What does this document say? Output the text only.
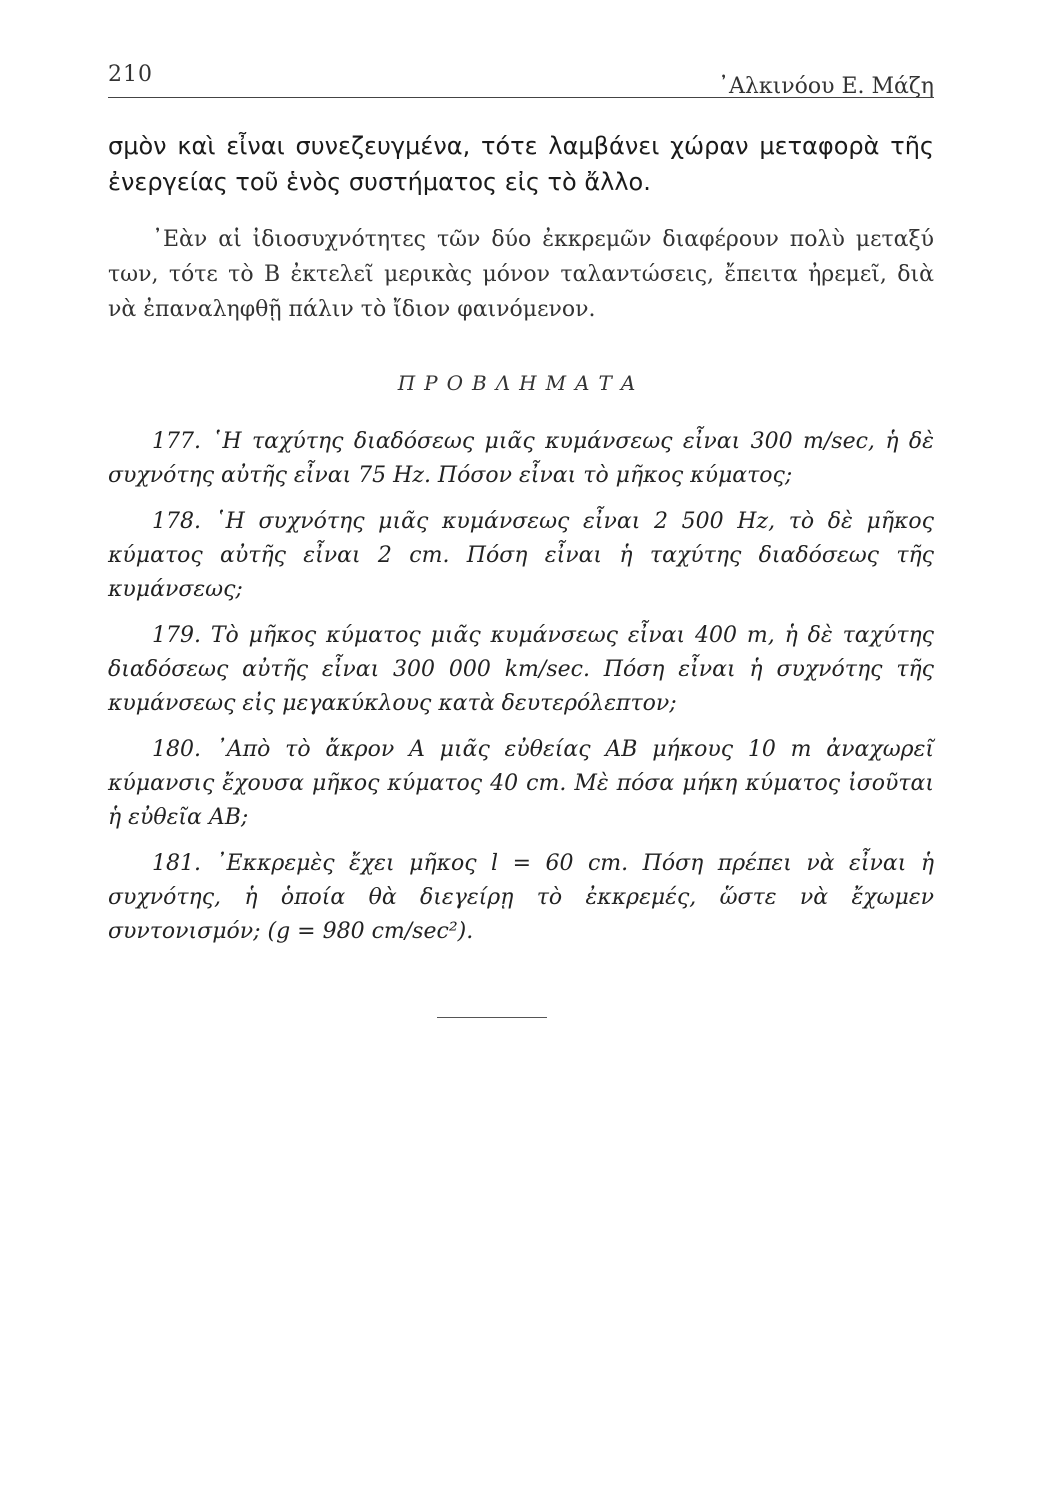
210	᾿Αλκινόου Ε. Μάζη

σμὸν καὶ εἶναι συνεζευγμένα, τότε λαμβάνει χώραν μεταφορὰ τῆς ἐνεργείας τοῦ ἑνὸς συστήματος εἰς τὸ ἄλλο.

᾿Εὰν αἱ ἰδιοσυχνότητες τῶν δύο ἐκκρεμῶν διαφέρουν πολὺ μεταξύ των, τότε τὸ Β ἐκτελεῖ μερικὰς μόνον ταλαντώσεις, ἔπειτα ἠρεμεῖ, διὰ νὰ ἐπαναληφθῇ πάλιν τὸ ἴδιον φαινόμενον.

ΠΡΟΒΛΗΜΑΤΑ

177. ῾Η ταχύτης διαδόσεως μιᾶς κυμάνσεως εἶναι 300 m/sec, ἡ δὲ συχνότης αὐτῆς εἶναι 75 Hz. Πόσον εἶναι τὸ μῆκος κύματος;

178. ῾Η συχνότης μιᾶς κυμάνσεως εἶναι 2 500 Hz, τὸ δὲ μῆκος κύματος αὐτῆς εἶναι 2 cm. Πόση εἶναι ἡ ταχύτης διαδόσεως τῆς κυμάνσεως;

179. Τὸ μῆκος κύματος μιᾶς κυμάνσεως εἶναι 400 m, ἡ δὲ ταχύτης διαδόσεως αὐτῆς εἶναι 300 000 km/sec. Πόση εἶναι ἡ συχνότης τῆς κυμάνσεως εἰς μεγακύκλους κατὰ δευτερόλεπτον;

180. ᾿Απὸ τὸ ἄκρον Α μιᾶς εὐθείας ΑΒ μήκους 10 m ἀναχωρεῖ κύμανσις ἔχουσα μῆκος κύματος 40 cm. Μὲ πόσα μήκη κύματος ἰσοῦται ἡ εὐθεῖα ΑΒ;

181. ᾿Εκκρεμὲς ἔχει μῆκος l = 60 cm. Πόση πρέπει νὰ εἶναι ἡ συχνότης, ἡ ὁποία θὰ διεγείρῃ τὸ ἐκκρεμές, ὥστε νὰ ἔχωμεν συντονισμόν; (g = 980 cm/sec²).
